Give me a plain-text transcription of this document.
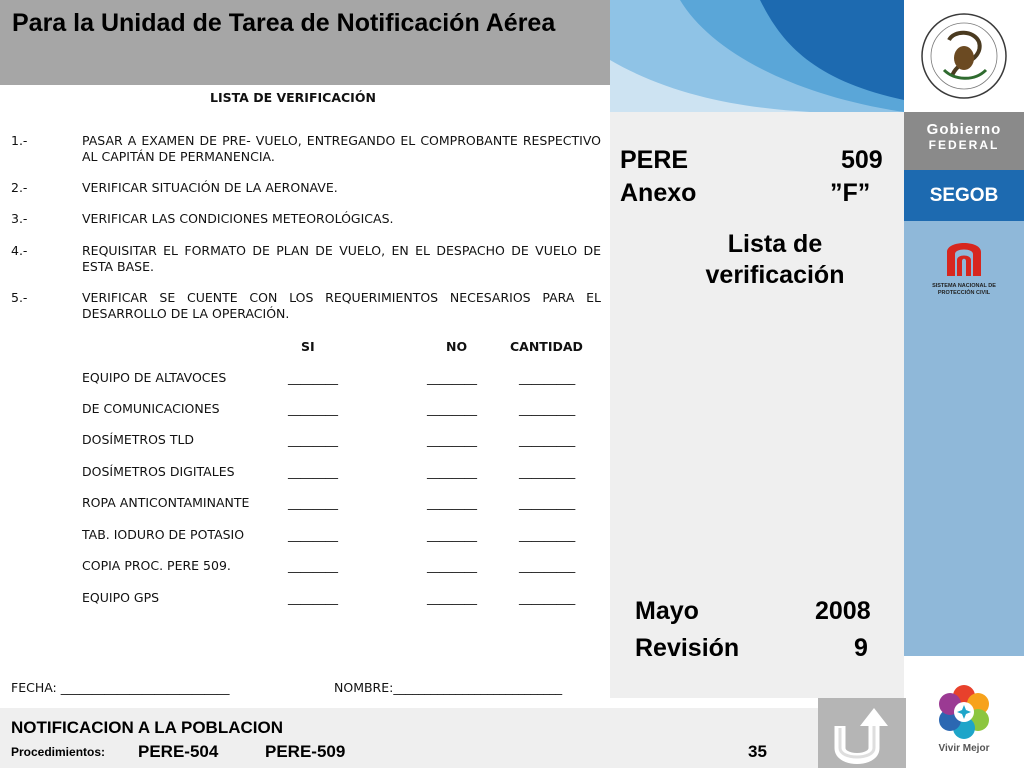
Para la Unidad de Tarea de Notificación Aérea
Gobierno
FEDERAL
SEGOB
SISTEMA NACIONAL DE
PROTECCIÓN CIVIL
Vivir Mejor
LISTA DE VERIFICACIÓN
1.-	PASAR A EXAMEN DE PRE- VUELO, ENTREGANDO EL COMPROBANTE RESPECTIVO AL CAPITÁN DE PERMANENCIA.
2.-	VERIFICAR SITUACIÓN DE LA AERONAVE.
3.-	VERIFICAR LAS CONDICIONES METEOROLÓGICAS.
4.-	REQUISITAR EL FORMATO DE PLAN DE VUELO, EN EL DESPACHO DE VUELO DE ESTA BASE.
5.-	VERIFICAR SE CUENTE CON LOS REQUERIMIENTOS NECESARIOS PARA EL DESARROLLO DE LA OPERACIÓN.
SI	NO	CANTIDAD
EQUIPO DE ALTAVOCES	________	________	_________
DE COMUNICACIONES	________	________	_________
DOSÍMETROS TLD	________	________	_________
DOSÍMETROS DIGITALES	________	________	_________
ROPA ANTICONTAMINANTE	________	________	_________
TAB. IODURO DE POTASIO	________	________	_________
COPIA PROC. PERE 509.	________	________	_________
EQUIPO GPS	________	________	_________
FECHA: ___________________________	NOMBRE:___________________________
PERE	509
Anexo	”F”
Lista de verificación
Mayo	2008
Revisión	9
NOTIFICACION A LA POBLACION
Procedimientos: PERE-504	PERE-509	35
